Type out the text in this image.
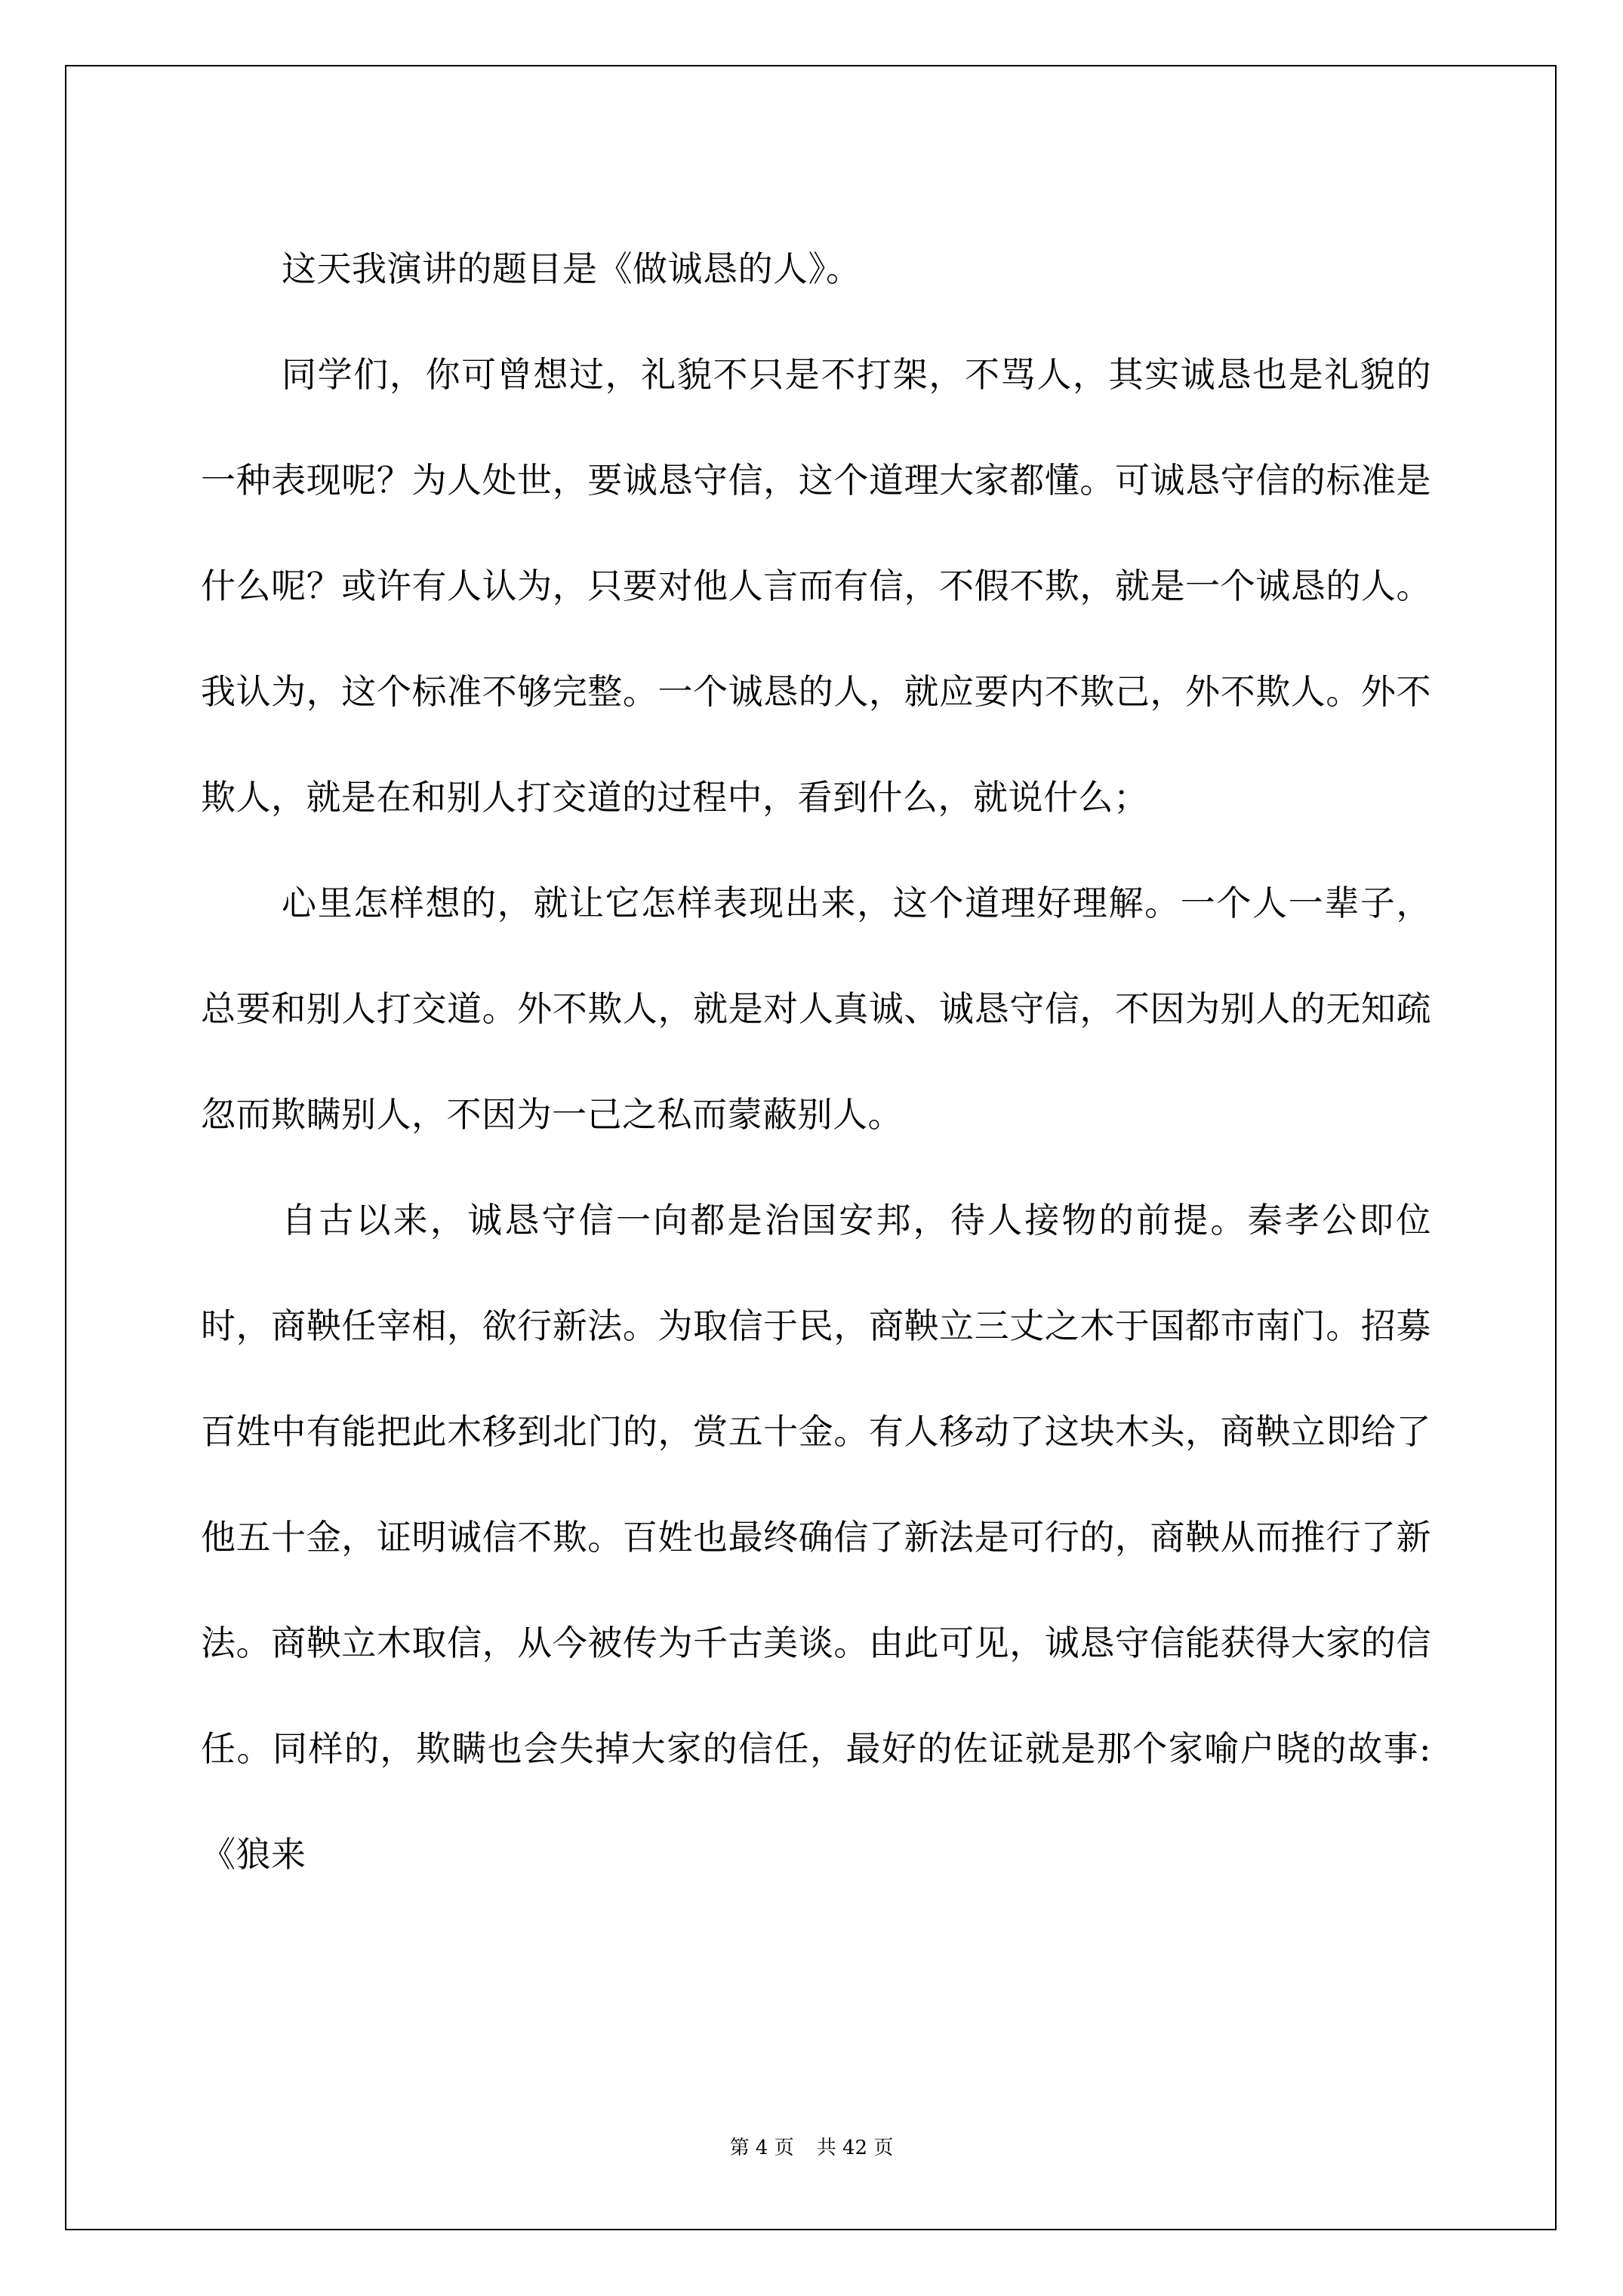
这天我演讲的题目是《做诚恳的人》。

同学们，你可曾想过，礼貌不只是不打架，不骂人，其实诚恳也是礼貌的一种表现呢？为人处世，要诚恳守信，这个道理大家都懂。可诚恳守信的标准是什么呢？或许有人认为，只要对他人言而有信，不假不欺，就是一个诚恳的人。我认为，这个标准不够完整。一个诚恳的人，就应要内不欺己，外不欺人。外不欺人，就是在和别人打交道的过程中，看到什么，就说什么；

心里怎样想的，就让它怎样表现出来，这个道理好理解。一个人一辈子，总要和别人打交道。外不欺人，就是对人真诚、诚恳守信，不因为别人的无知疏忽而欺瞒别人，不因为一己之私而蒙蔽别人。

自古以来，诚恳守信一向都是治国安邦，待人接物的前提。秦孝公即位时，商鞅任宰相，欲行新法。为取信于民，商鞅立三丈之木于国都市南门。招募百姓中有能把此木移到北门的，赏五十金。有人移动了这块木头，商鞅立即给了他五十金，证明诚信不欺。百姓也最终确信了新法是可行的，商鞅从而推行了新法。商鞅立木取信，从今被传为千古美谈。由此可见，诚恳守信能获得大家的信任。同样的，欺瞒也会失掉大家的信任，最好的佐证就是那个家喻户晓的故事:《狼来

第 4 页 共 42 页
